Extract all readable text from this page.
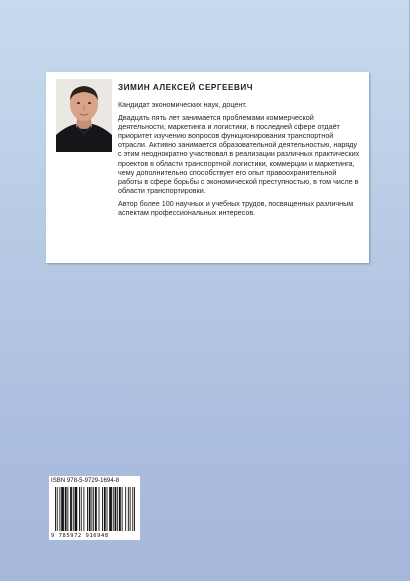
ЗИМИН АЛЕКСЕЙ СЕРГЕЕВИЧ

Кандидат экономических наук, доцент.

Двадцать пять лет занимается проблемами коммерческой деятельности, маркетинга и логистики, в последней сфере отдаёт приоритет изучению вопросов функционирования транспортной отрасли. Активно занимается образовательной деятельностью, наряду с этим неоднократно участвовал в реализации различных практических проектов в области транспортной логистики, коммерции и маркетинга, чему дополнительно способствует его опыт правоохранительной работы в сфере борьбы с экономической преступностью, в том числе в области транспортировки.

Автор более 100 научных и учебных трудов, посвященных различным аспектам профессиональных интересов.

ISBN 978-5-9729-1694-8
9 785972 916948
